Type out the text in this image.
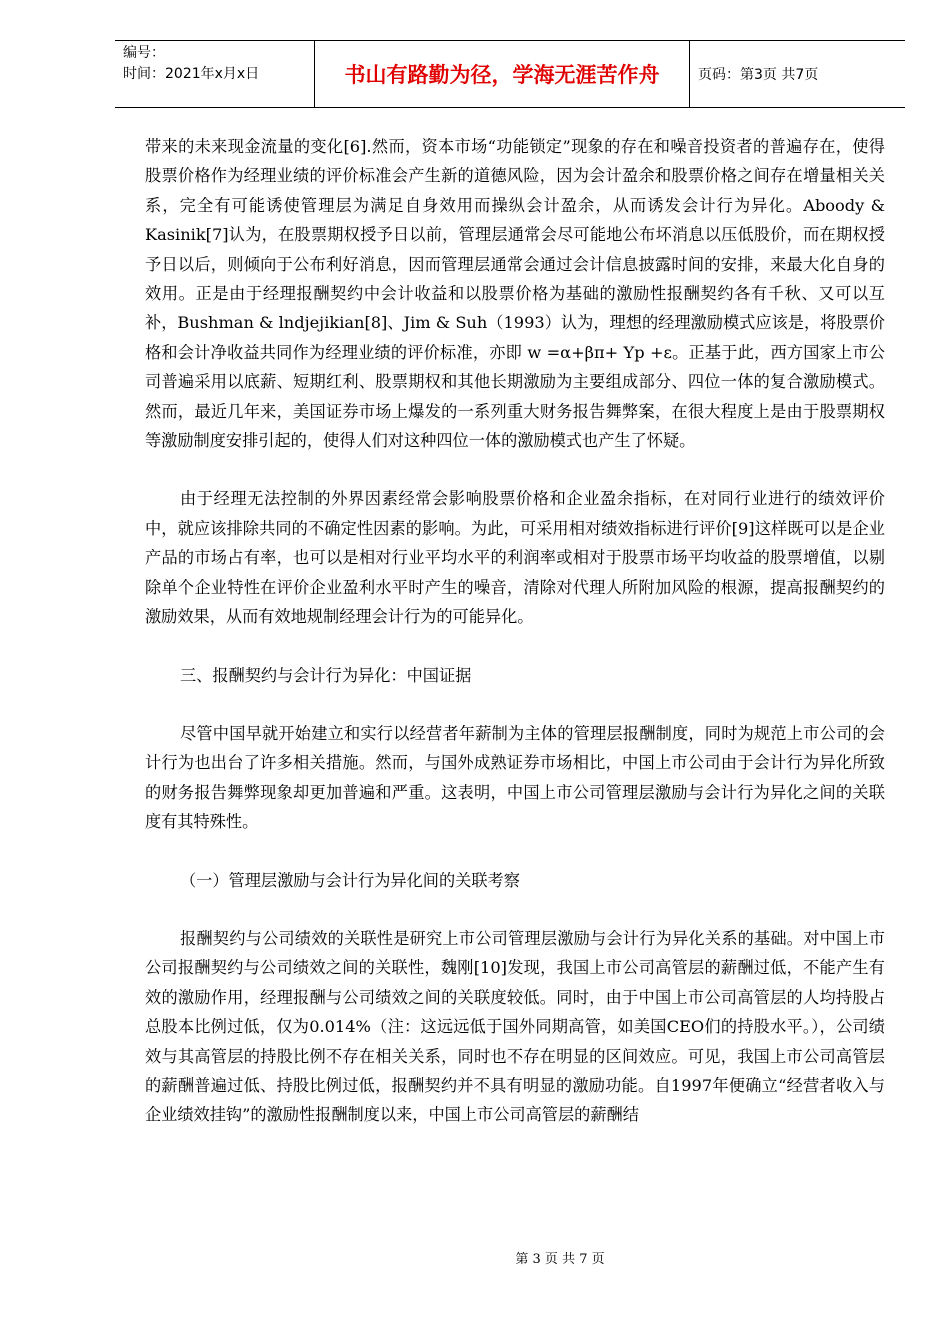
编号：
时间：2021年x月x日	书山有路勤为径，学海无涯苦作舟	页码：第3页 共7页

带来的未来现金流量的变化[6].然而，资本市场“功能锁定”现象的存在和噪音投资者的普遍存在，使得股票价格作为经理业绩的评价标准会产生新的道德风险，因为会计盈余和股票价格之间存在增量相关关系，完全有可能诱使管理层为满足自身效用而操纵会计盈余，从而诱发会计行为异化。Aboody & Kasinik[7]认为，在股票期权授予日以前，管理层通常会尽可能地公布坏消息以压低股价，而在期权授予日以后，则倾向于公布利好消息，因而管理层通常会通过会计信息披露时间的安排，来最大化自身的效用。正是由于经理报酬契约中会计收益和以股票价格为基础的激励性报酬契约各有千秋、又可以互补，Bushman & lndjejikian[8]、Jim & Suh（1993）认为，理想的经理激励模式应该是，将股票价格和会计净收益共同作为经理业绩的评价标准，亦即 w =α+βπ+ Yp +ε。正基于此，西方国家上市公司普遍采用以底薪、短期红利、股票期权和其他长期激励为主要组成部分、四位一体的复合激励模式。然而，最近几年来，美国证券市场上爆发的一系列重大财务报告舞弊案，在很大程度上是由于股票期权等激励制度安排引起的，使得人们对这种四位一体的激励模式也产生了怀疑。

由于经理无法控制的外界因素经常会影响股票价格和企业盈余指标，在对同行业进行的绩效评价中，就应该排除共同的不确定性因素的影响。为此，可采用相对绩效指标进行评价[9]这样既可以是企业产品的市场占有率，也可以是相对行业平均水平的利润率或相对于股票市场平均收益的股票增值，以剔除单个企业特性在评价企业盈利水平时产生的噪音，清除对代理人所附加风险的根源，提高报酬契约的激励效果，从而有效地规制经理会计行为的可能异化。

三、报酬契约与会计行为异化：中国证据

尽管中国早就开始建立和实行以经营者年薪制为主体的管理层报酬制度，同时为规范上市公司的会计行为也出台了许多相关措施。然而，与国外成熟证券市场相比，中国上市公司由于会计行为异化所致的财务报告舞弊现象却更加普遍和严重。这表明，中国上市公司管理层激励与会计行为异化之间的关联度有其特殊性。

（一）管理层激励与会计行为异化间的关联考察

报酬契约与公司绩效的关联性是研究上市公司管理层激励与会计行为异化关系的基础。对中国上市公司报酬契约与公司绩效之间的关联性，魏刚[10]发现，我国上市公司高管层的薪酬过低，不能产生有效的激励作用，经理报酬与公司绩效之间的关联度较低。同时，由于中国上市公司高管层的人均持股占总股本比例过低，仅为0.014%（注：这远远低于国外同期高管，如美国CEO们的持股水平。），公司绩效与其高管层的持股比例不存在相关关系，同时也不存在明显的区间效应。可见，我国上市公司高管层的薪酬普遍过低、持股比例过低，报酬契约并不具有明显的激励功能。自1997年便确立“经营者收入与企业绩效挂钩”的激励性报酬制度以来，中国上市公司高管层的薪酬结

第 3 页 共 7 页
